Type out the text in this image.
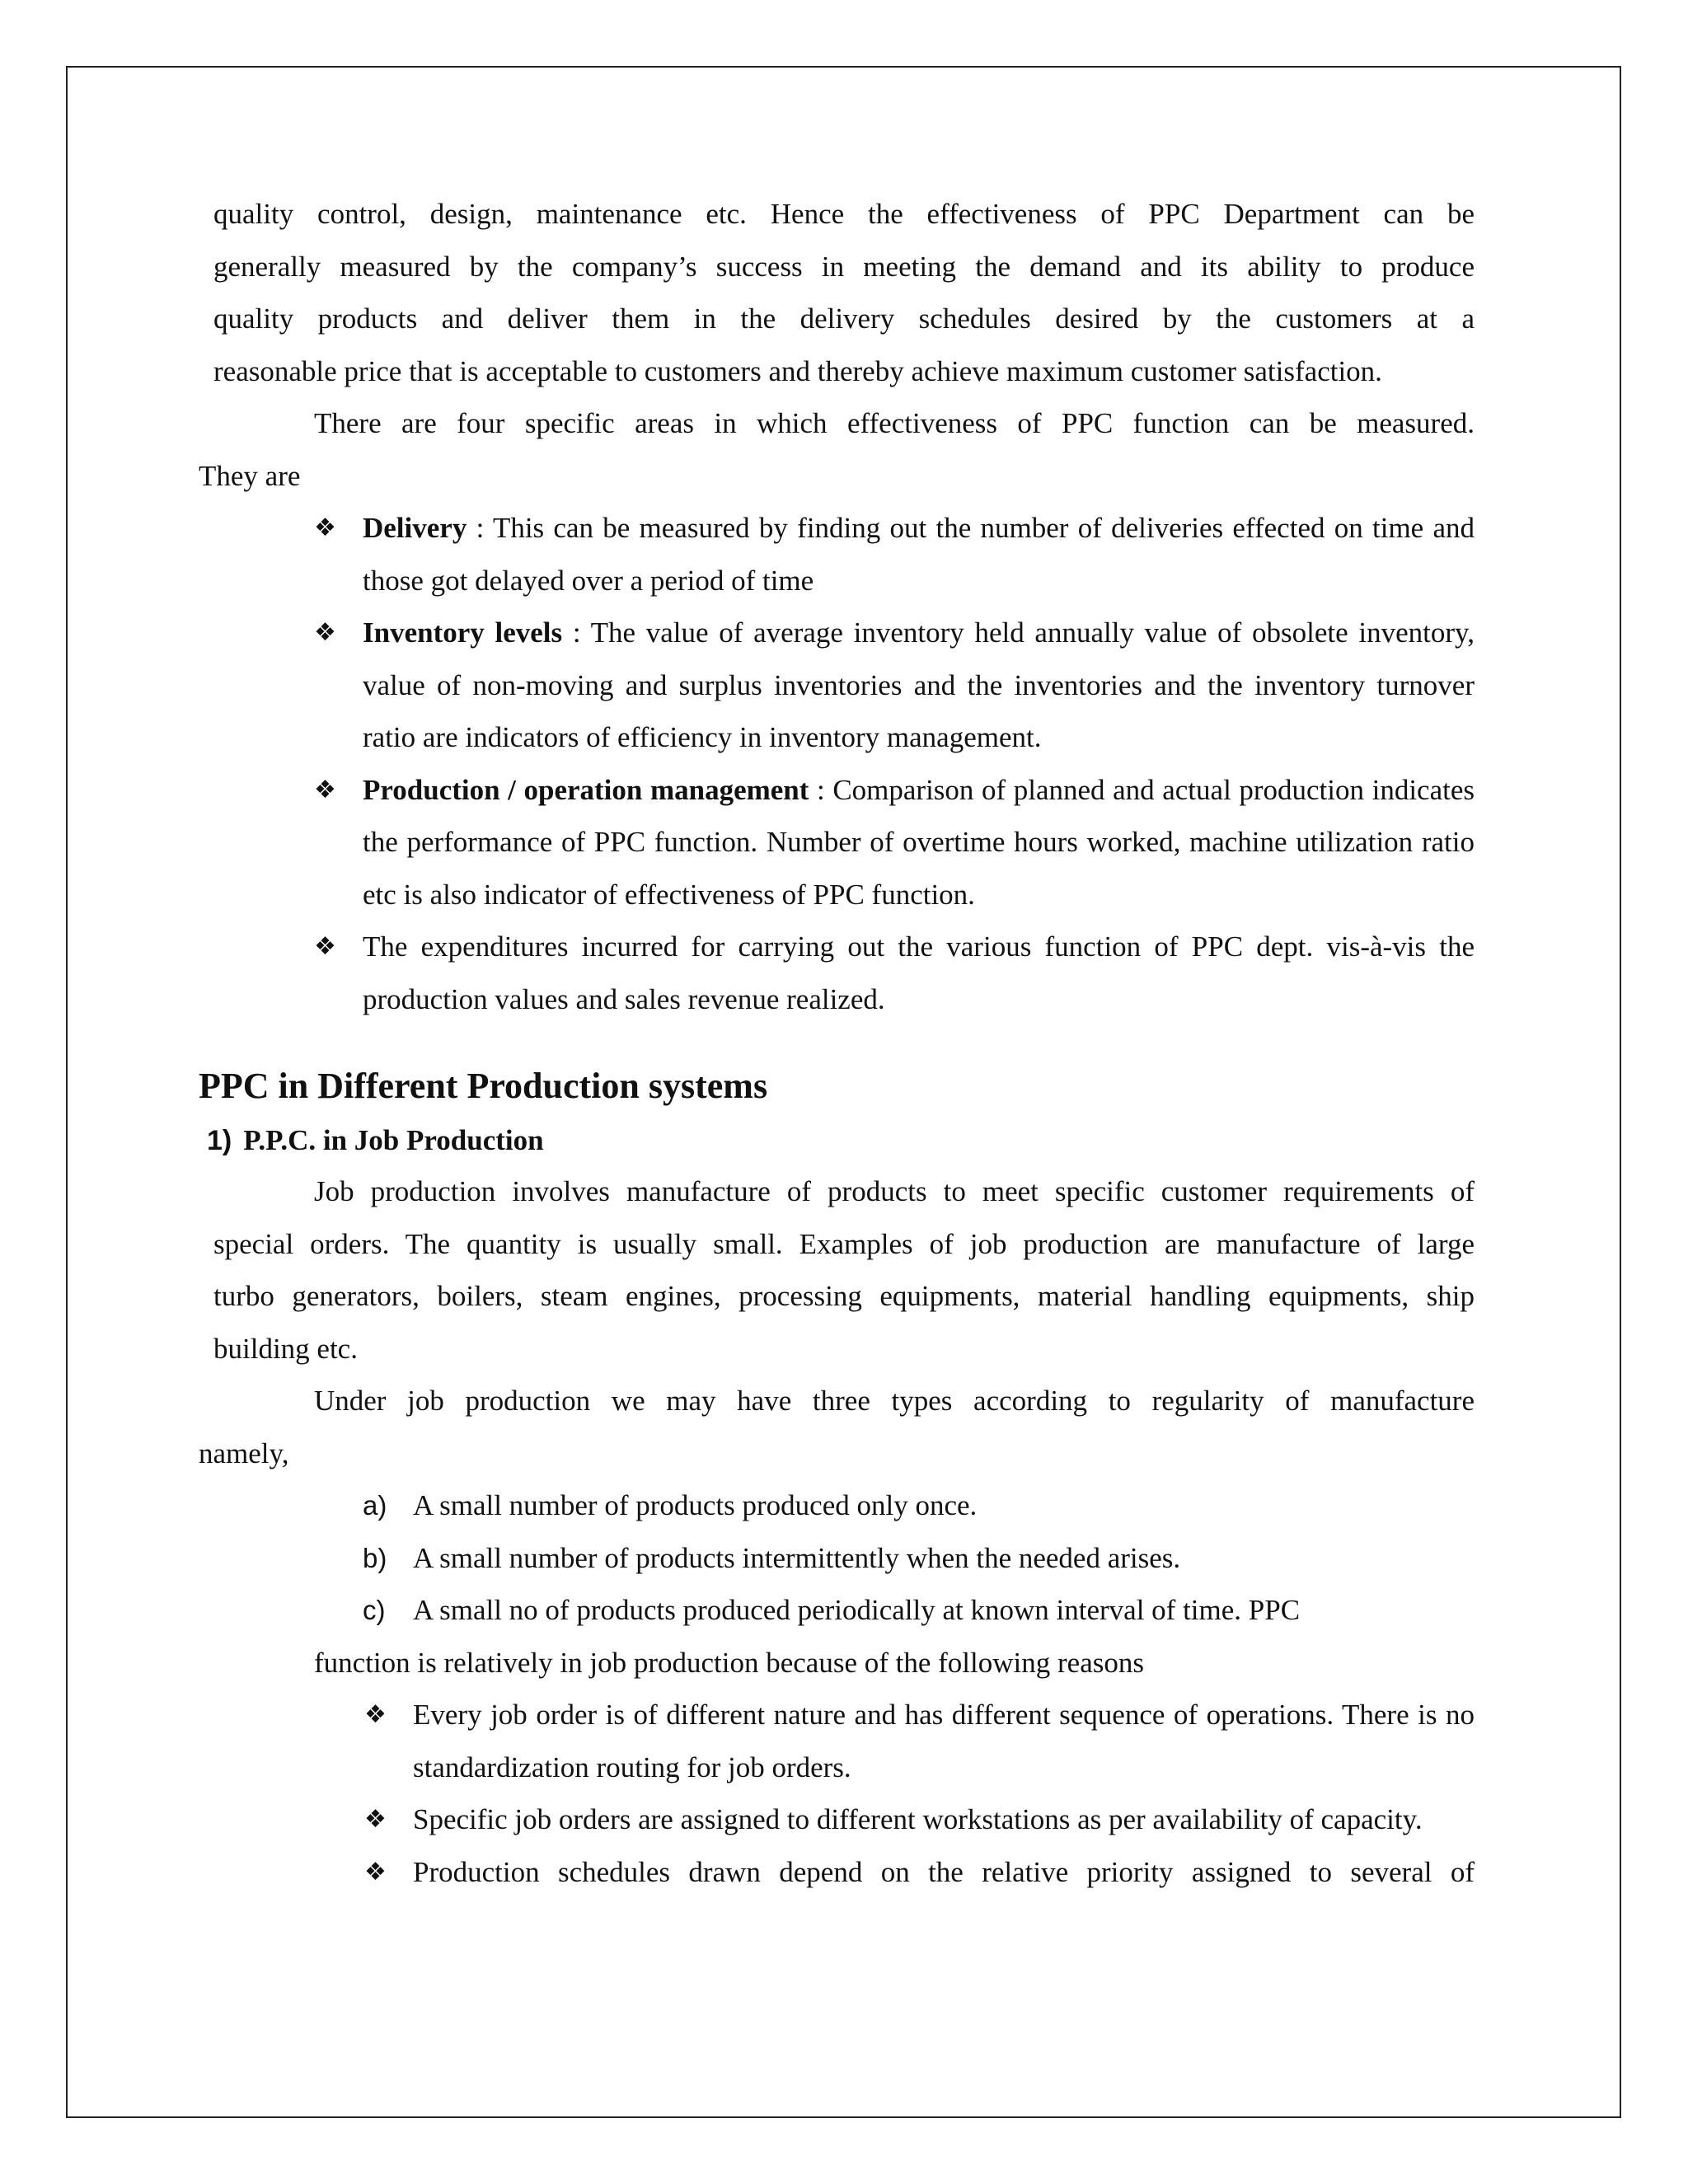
quality control, design, maintenance etc. Hence the effectiveness of PPC Department can be

generally measured by the company’s success in meeting the demand and its ability to produce

quality products and deliver them in the delivery schedules desired by the customers at a

reasonable price that is acceptable to customers and thereby achieve maximum customer satisfaction.

There are four specific areas in which effectiveness of PPC function can be measured.

They are

❖ Delivery : This can be measured by finding out the number of deliveries effected on time and those got delayed over a period of time

❖ Inventory levels : The value of average inventory held annually value of obsolete inventory, value of non-moving and surplus inventories and the inventories and the inventory turnover ratio are indicators of efficiency in inventory management.

❖ Production / operation management : Comparison of planned and actual production indicates the performance of PPC function. Number of overtime hours worked, machine utilization ratio etc is also indicator of effectiveness of PPC function.

❖ The expenditures incurred for carrying out the various function of PPC dept. vis-à-vis the production values and sales revenue realized.

PPC in Different Production systems

1) P.P.C. in Job Production

Job production involves manufacture of products to meet specific customer requirements of

special orders. The quantity is usually small. Examples of job production are manufacture of large

turbo generators, boilers, steam engines, processing equipments, material handling equipments, ship

building etc.

Under job production we may have three types according to regularity of manufacture

namely,

a) A small number of products produced only once.

b) A small number of products intermittently when the needed arises.

c) A small no of products produced periodically at known interval of time. PPC

function is relatively in job production because of the following reasons

❖ Every job order is of different nature and has different sequence of operations. There is no standardization routing for job orders.

❖ Specific job orders are assigned to different workstations as per availability of capacity.

❖ Production schedules drawn depend on the relative priority assigned to several of
